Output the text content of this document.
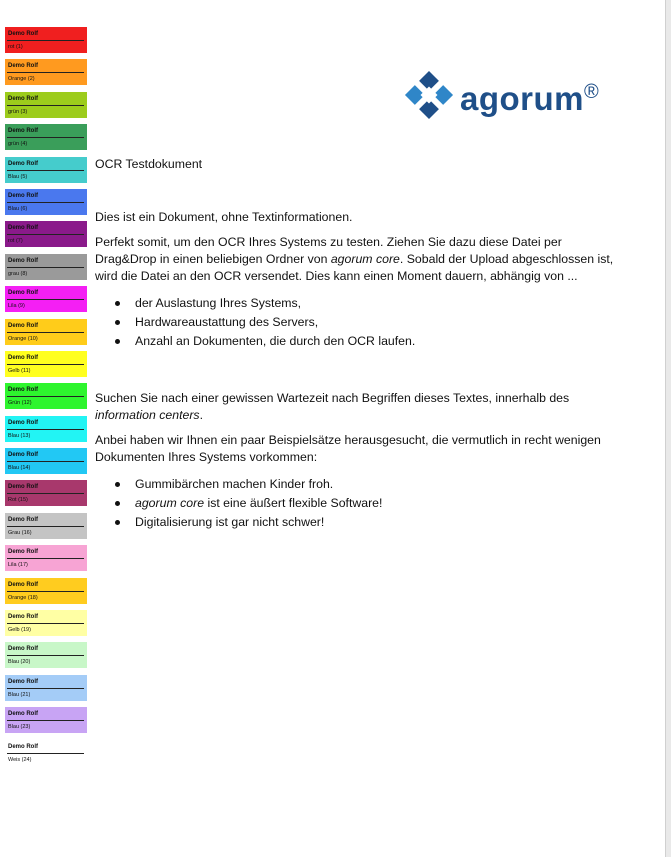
Demo Rolf
rot (1)
Demo Rolf
Orange (2)
Demo Rolf
grün (3)
Demo Rolf
grün (4)
Demo Rolf
Blau (5)
Demo Rolf
Blau (6)
Demo Rolf
rot (7)
Demo Rolf
grau (8)
Demo Rolf
Lila (9)
Demo Rolf
Orange (10)
Demo Rolf
Gelb (11)
Demo Rolf
Grün (12)
Demo Rolf
Blau (13)
Demo Rolf
Blau (14)
Demo Rolf
Rot (15)
Demo Rolf
Grau (16)
Demo Rolf
Lila (17)
Demo Rolf
Orange (18)
Demo Rolf
Gelb (19)
Demo Rolf
Blau (20)
Demo Rolf
Blau (21)
Demo Rolf
Blau (23)
Demo Rolf
Weis (24)
agorum®
OCR Testdokument

Dies ist ein Dokument, ohne Textinformationen.

Perfekt somit, um den OCR Ihres Systems zu testen. Ziehen Sie dazu diese Datei per Drag&Drop in einen beliebigen Ordner von agorum core. Sobald der Upload abgeschlossen ist, wird die Datei an den OCR versendet. Dies kann einen Moment dauern, abhängig von ...

der Auslastung Ihres Systems,
Hardwareaustattung des Servers,
Anzahl an Dokumenten, die durch den OCR laufen.

Suchen Sie nach einer gewissen Wartezeit nach Begriffen dieses Textes, innerhalb des information centers.

Anbei haben wir Ihnen ein paar Beispielsätze herausgesucht, die vermutlich in recht wenigen Dokumenten Ihres Systems vorkommen:

Gummibärchen machen Kinder froh.
agorum core ist eine äußert flexible Software!
Digitalisierung ist gar nicht schwer!
